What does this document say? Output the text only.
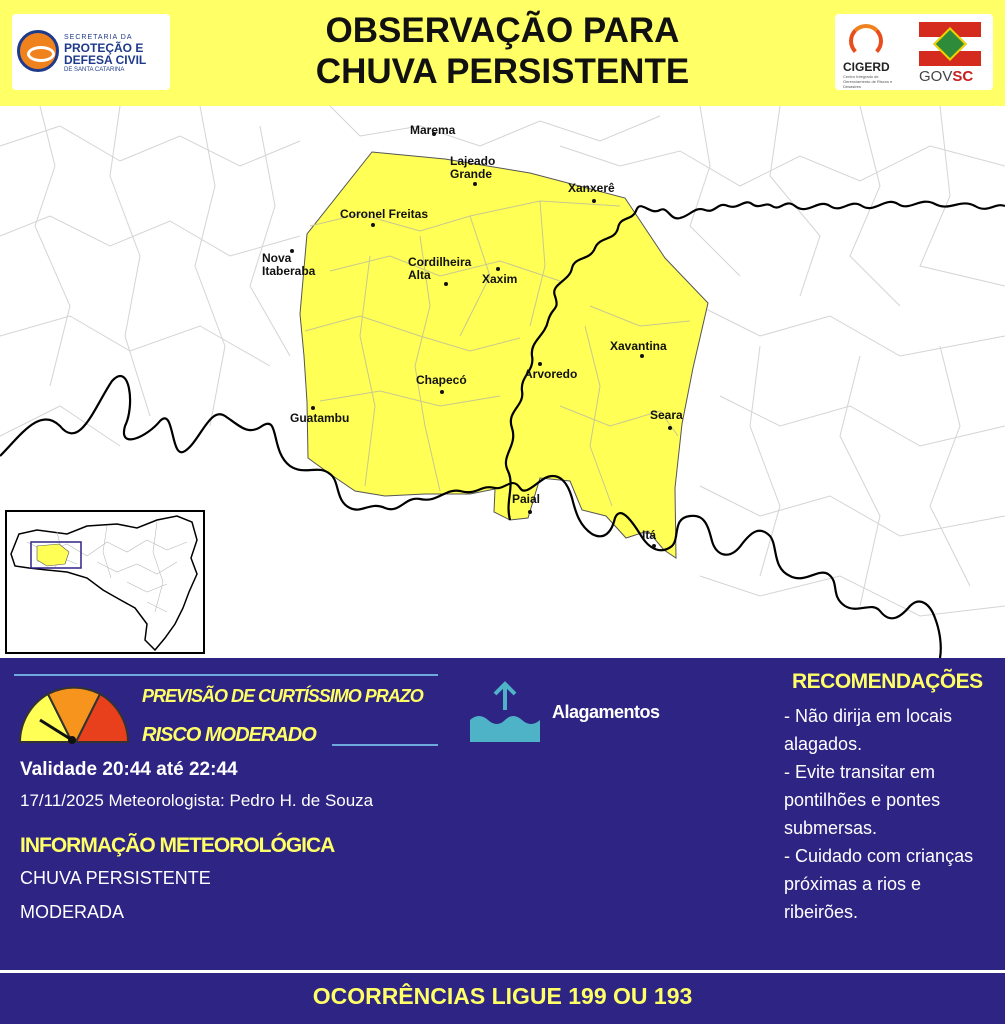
SECRETARIA DA
PROTEÇÃO E
DEFESA CIVIL
DE SANTA CATARINA
OBSERVAÇÃO PARA
CHUVA PERSISTENTE	CIGERD
Centro Integrado de Gerenciamento de Riscos e Desastres
GOVSC
Marema
Lajeado
Grande
Xanxerê
Coronel Freitas
Nova
Itaberaba
Cordilheira
Alta	Xaxim
Xavantina
Arvoredo
Chapecó
Guatambu	Seara
Paial
Itá
PREVISÃO DE CURTÍSSIMO PRAZO
RISCO MODERADO
Validade 20:44 até 22:44
17/11/2025 Meteorologista: Pedro H. de Souza
INFORMAÇÃO METEOROLÓGICA
CHUVA PERSISTENTE
MODERADA
Alagamentos
RECOMENDAÇÕES
- Não dirija em locais alagados.
- Evite transitar em pontilhões e pontes submersas.
- Cuidado com crianças próximas a rios e ribeirões.
OCORRÊNCIAS LIGUE 199 OU 193
